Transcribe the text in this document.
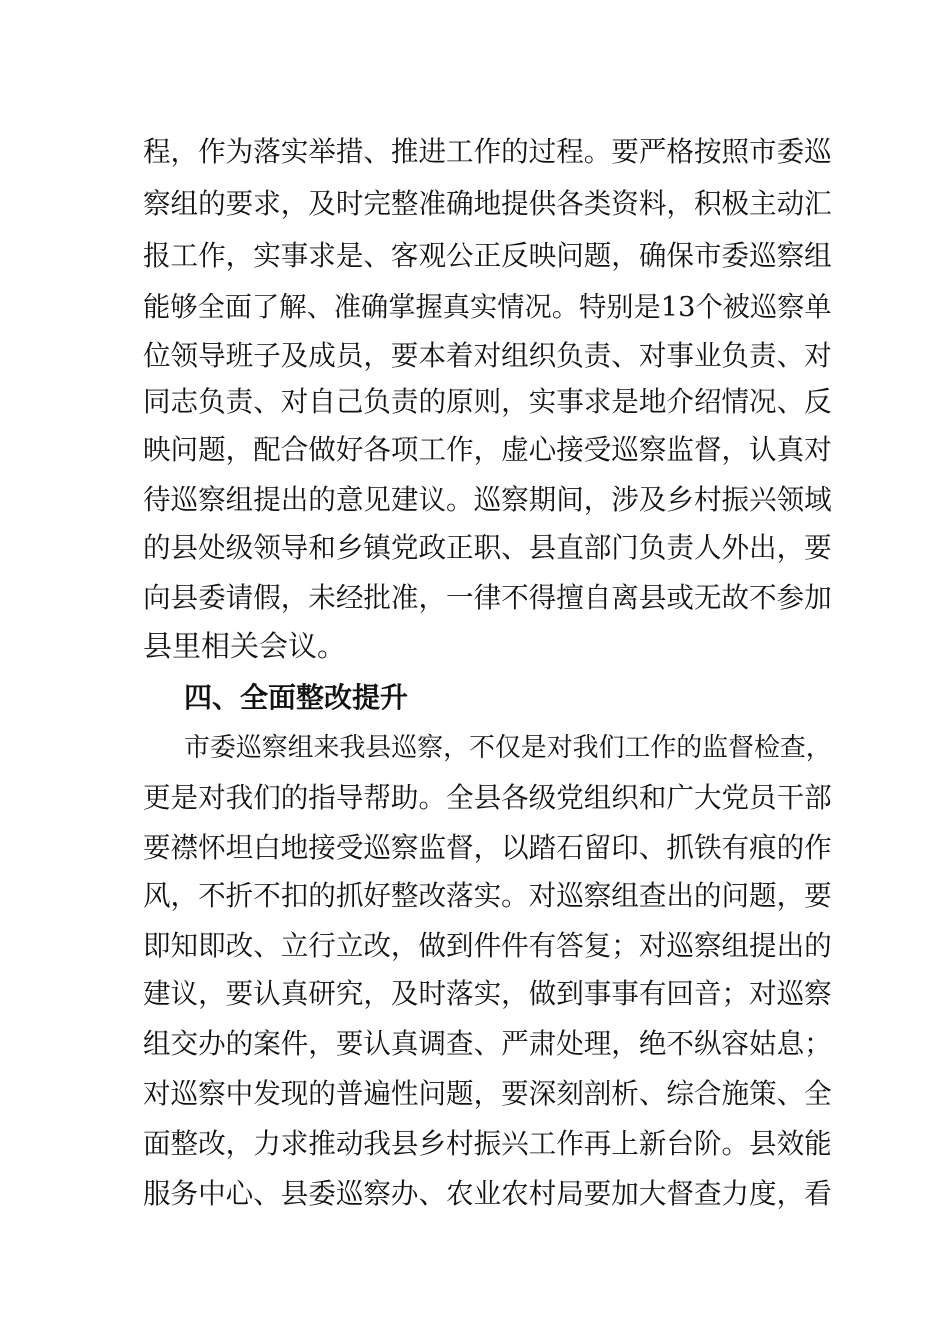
程，作为落实举措、推进工作的过程。要严格按照市委巡
察组的要求，及时完整准确地提供各类资料，积极主动汇
报工作，实事求是、客观公正反映问题，确保市委巡察组
能够全面了解、准确掌握真实情况。特别是13个被巡察单
位领导班子及成员，要本着对组织负责、对事业负责、对
同志负责、对自己负责的原则，实事求是地介绍情况、反
映问题，配合做好各项工作，虚心接受巡察监督，认真对
待巡察组提出的意见建议。巡察期间，涉及乡村振兴领域
的县处级领导和乡镇党政正职、县直部门负责人外出，要
向县委请假，未经批准，一律不得擅自离县或无故不参加
县里相关会议。
四、全面整改提升
市委巡察组来我县巡察，不仅是对我们工作的监督检查，
更是对我们的指导帮助。全县各级党组织和广大党员干部
要襟怀坦白地接受巡察监督，以踏石留印、抓铁有痕的作
风，不折不扣的抓好整改落实。对巡察组查出的问题，要
即知即改、立行立改，做到件件有答复；对巡察组提出的
建议，要认真研究，及时落实，做到事事有回音；对巡察
组交办的案件，要认真调查、严肃处理，绝不纵容姑息；
对巡察中发现的普遍性问题，要深刻剖析、综合施策、全
面整改，力求推动我县乡村振兴工作再上新台阶。县效能
服务中心、县委巡察办、农业农村局要加大督查力度，看
